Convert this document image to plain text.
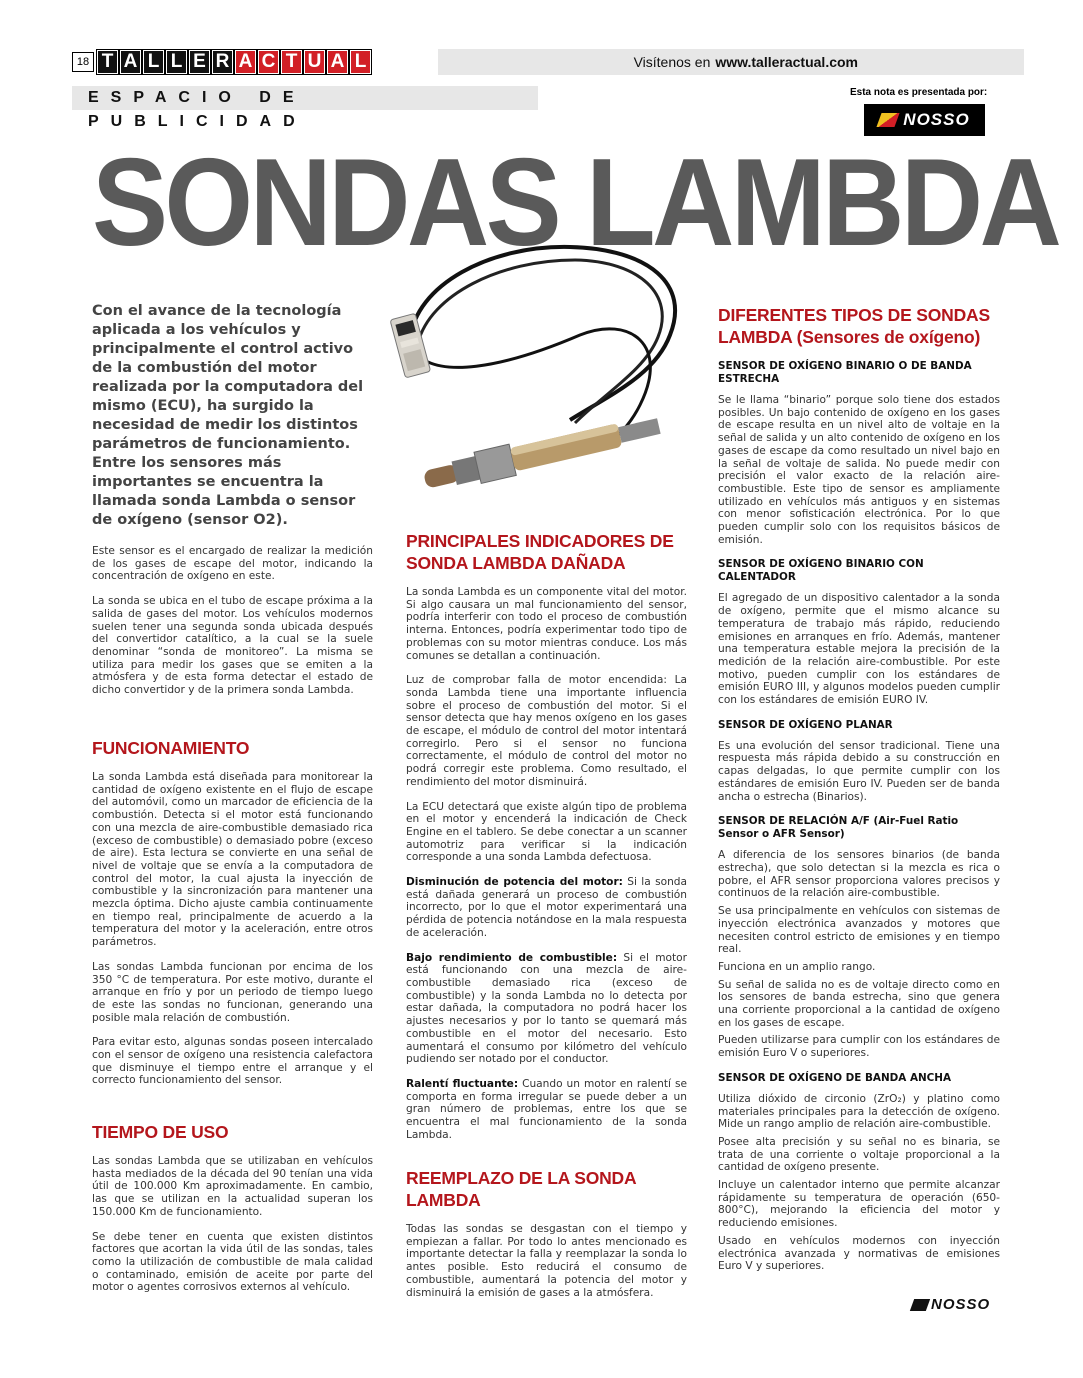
18 T A L L E R A C T U A L	Visítenos en www.talleractual.com
ESPACIO DE PUBLICIDAD
Esta nota es presentada por:
NOSSO
SONDAS LAMBDA
Con el avance de la tecnología aplicada a los vehículos y principalmente el control activo de la combustión del motor realizada por la computadora del mismo (ECU), ha surgido la necesidad de medir los distintos parámetros de funcionamiento. Entre los sensores más importantes se encuentra la llamada sonda Lambda o sensor de oxígeno (sensor O2).

Este sensor es el encargado de realizar la medición de los gases de escape del motor, indicando la concentración de oxígeno en este.

La sonda se ubica en el tubo de escape próxima a la salida de gases del motor. Los vehículos modernos suelen tener una segunda sonda ubicada después del convertidor catalítico, a la cual se la suele denominar “sonda de monitoreo”. La misma se utiliza para medir los gases que se emiten a la atmósfera y de esta forma detectar el estado de dicho convertidor y de la primera sonda Lambda.

FUNCIONAMIENTO

La sonda Lambda está diseñada para monitorear la cantidad de oxígeno existente en el flujo de escape del automóvil, como un marcador de eficiencia de la combustión. Detecta si el motor está funcionando con una mezcla de aire-combustible demasiado rica (exceso de combustible) o demasiado pobre (exceso de aire). Esta lectura se convierte en una señal de nivel de voltaje que se envía a la computadora de control del motor, la cual ajusta la inyección de combustible y la sincronización para mantener una mezcla óptima. Dicho ajuste cambia continuamente en tiempo real, principalmente de acuerdo a la temperatura del motor y la aceleración, entre otros parámetros.

Las sondas Lambda funcionan por encima de los 350 °C de temperatura. Por este motivo, durante el arranque en frío y por un periodo de tiempo luego de este las sondas no funcionan, generando una posible mala relación de combustión.

Para evitar esto, algunas sondas poseen intercalado con el sensor de oxígeno una resistencia calefactora que disminuye el tiempo entre el arranque y el correcto funcionamiento del sensor.

TIEMPO DE USO

Las sondas Lambda que se utilizaban en vehículos hasta mediados de la década del 90 tenían una vida útil de 100.000 Km aproximadamente. En cambio, las que se utilizan en la actualidad superan los 150.000 Km de funcionamiento.

Se debe tener en cuenta que existen distintos factores que acortan la vida útil de las sondas, tales como la utilización de combustible de mala calidad o contaminado, emisión de aceite por parte del motor o agentes corrosivos externos al vehículo.

PRINCIPALES INDICADORES DE SONDA LAMBDA DAÑADA

La sonda Lambda es un componente vital del motor. Si algo causara un mal funcionamiento del sensor, podría interferir con todo el proceso de combustión interna. Entonces, podría experimentar todo tipo de problemas con su motor mientras conduce. Los más comunes se detallan a continuación.

Luz de comprobar falla de motor encendida: La sonda Lambda tiene una importante influencia sobre el proceso de combustión del motor. Si el sensor detecta que hay menos oxígeno en los gases de escape, el módulo de control del motor intentará corregirlo. Pero si el sensor no funciona correctamente, el módulo de control del motor no podrá corregir este problema. Como resultado, el rendimiento del motor disminuirá.

La ECU detectará que existe algún tipo de problema en el motor y encenderá la indicación de Check Engine en el tablero. Se debe conectar a un scanner automotriz para verificar si la indicación corresponde a una sonda Lambda defectuosa.

Disminución de potencia del motor: Si la sonda está dañada generará un proceso de combustión incorrecto, por lo que el motor experimentará una pérdida de potencia notándose en la mala respuesta de aceleración.

Bajo rendimiento de combustible: Si el motor está funcionando con una mezcla de aire-combustible demasiado rica (exceso de combustible) y la sonda Lambda no lo detecta por estar dañada, la computadora no podrá hacer los ajustes necesarios y por lo tanto se quemará más combustible en el motor del necesario. Esto aumentará el consumo por kilómetro del vehículo pudiendo ser notado por el conductor.

Ralentí fluctuante: Cuando un motor en ralentí se comporta en forma irregular se puede deber a un gran número de problemas, entre los que se encuentra el mal funcionamiento de la sonda Lambda.

REEMPLAZO DE LA SONDA LAMBDA

Todas las sondas se desgastan con el tiempo y empiezan a fallar. Por todo lo antes mencionado es importante detectar la falla y reemplazar la sonda lo antes posible. Esto reducirá el consumo de combustible, aumentará la potencia del motor y disminuirá la emisión de gases a la atmósfera.

DIFERENTES TIPOS DE SONDAS LAMBDA (Sensores de oxígeno)
SENSOR DE OXÍGENO BINARIO O DE BANDA ESTRECHA

Se le llama “binario” porque solo tiene dos estados posibles. Un bajo contenido de oxígeno en los gases de escape resulta en un nivel alto de voltaje en la señal de salida y un alto contenido de oxígeno en los gases de escape da como resultado un nivel bajo en la señal de voltaje de salida. No puede medir con precisión el valor exacto de la relación aire-combustible. Este tipo de sensor es ampliamente utilizado en vehículos más antiguos y en sistemas con menor sofisticación electrónica. Por lo que pueden cumplir solo con los requisitos básicos de emisión.

SENSOR DE OXÍGENO BINARIO CON CALENTADOR

El agregado de un dispositivo calentador a la sonda de oxígeno, permite que el mismo alcance su temperatura de trabajo más rápido, reduciendo emisiones en arranques en frío. Además, mantener una temperatura estable mejora la precisión de la medición de la relación aire-combustible. Por este motivo, pueden cumplir con los estándares de emisión EURO III, y algunos modelos pueden cumplir con los estándares de emisión EURO IV.

SENSOR DE OXÍGENO PLANAR

Es una evolución del sensor tradicional. Tiene una respuesta más rápida debido a su construcción en capas delgadas, lo que permite cumplir con los estándares de emisión Euro IV. Pueden ser de banda ancha o estrecha (Binarios).

SENSOR DE RELACIÓN A/F (Air-Fuel Ratio Sensor o AFR Sensor)

A diferencia de los sensores binarios (de banda estrecha), que solo detectan si la mezcla es rica o pobre, el AFR sensor proporciona valores precisos y continuos de la relación aire-combustible.

Se usa principalmente en vehículos con sistemas de inyección electrónica avanzados y motores que necesiten control estricto de emisiones y en tiempo real.

Funciona en un amplio rango.

Su señal de salida no es de voltaje directo como en los sensores de banda estrecha, sino que genera una corriente proporcional a la cantidad de oxígeno en los gases de escape.

Pueden utilizarse para cumplir con los estándares de emisión Euro V o superiores.

SENSOR DE OXÍGENO DE BANDA ANCHA

Utiliza dióxido de circonio (ZrO₂) y platino como materiales principales para la detección de oxígeno. Mide un rango amplio de relación aire-combustible.

Posee alta precisión y su señal no es binaria, se trata de una corriente o voltaje proporcional a la cantidad de oxígeno presente.

Incluye un calentador interno que permite alcanzar rápidamente su temperatura de operación (650-800°C), mejorando la eficiencia del motor y reduciendo emisiones.

Usado en vehículos modernos con inyección electrónica avanzada y normativas de emisiones Euro V y superiores.

NOSSO
